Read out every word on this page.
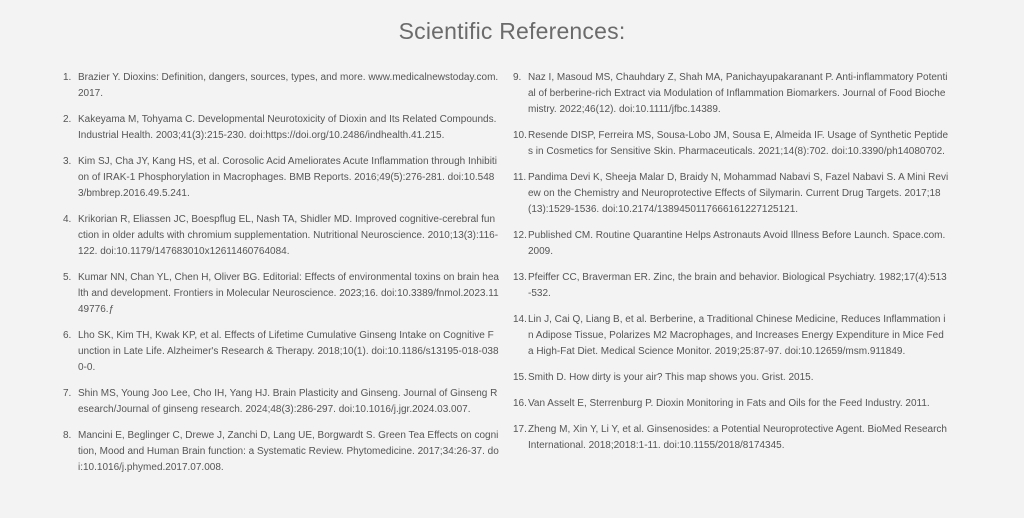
Scientific References:
1. Brazier Y. Dioxins: Definition, dangers, sources, types, and more. www.medicalnewstoday.com. 2017.
2. Kakeyama M, Tohyama C. Developmental Neurotoxicity of Dioxin and Its Related Compounds. Industrial Health. 2003;41(3):215-230. doi:https://doi.org/10.2486/indhealth.41.215.
3. Kim SJ, Cha JY, Kang HS, et al. Corosolic Acid Ameliorates Acute Inflammation through Inhibition of IRAK-1 Phosphorylation in Macrophages. BMB Reports. 2016;49(5):276-281. doi:10.5483/bmbrep.2016.49.5.241.
4. Krikorian R, Eliassen JC, Boespflug EL, Nash TA, Shidler MD. Improved cognitive-cerebral function in older adults with chromium supplementation. Nutritional Neuroscience. 2010;13(3):116-122. doi:10.1179/147683010x12611460764084.
5. Kumar NN, Chan YL, Chen H, Oliver BG. Editorial: Effects of environmental toxins on brain health and development. Frontiers in Molecular Neuroscience. 2023;16. doi:10.3389/fnmol.2023.1149776.ƒ
6. Lho SK, Kim TH, Kwak KP, et al. Effects of Lifetime Cumulative Ginseng Intake on Cognitive Function in Late Life. Alzheimer's Research & Therapy. 2018;10(1). doi:10.1186/s13195-018-0380-0.
7. Shin MS, Young Joo Lee, Cho IH, Yang HJ. Brain Plasticity and Ginseng. Journal of Ginseng Research/Journal of ginseng research. 2024;48(3):286-297. doi:10.1016/j.jgr.2024.03.007.
8. Mancini E, Beglinger C, Drewe J, Zanchi D, Lang UE, Borgwardt S. Green Tea Effects on cognition, Mood and Human Brain function: a Systematic Review. Phytomedicine. 2017;34:26-37. doi:10.1016/j.phymed.2017.07.008.
9. Naz I, Masoud MS, Chauhdary Z, Shah MA, Panichayupakaranant P. Anti-inflammatory Potential of berberine-rich Extract via Modulation of Inflammation Biomarkers. Journal of Food Biochemistry. 2022;46(12). doi:10.1111/jfbc.14389.
10. Resende DISP, Ferreira MS, Sousa-Lobo JM, Sousa E, Almeida IF. Usage of Synthetic Peptides in Cosmetics for Sensitive Skin. Pharmaceuticals. 2021;14(8):702. doi:10.3390/ph14080702.
11. Pandima Devi K, Sheeja Malar D, Braidy N, Mohammad Nabavi S, Fazel Nabavi S. A Mini Review on the Chemistry and Neuroprotective Effects of Silymarin. Current Drug Targets. 2017;18(13):1529-1536. doi:10.2174/1389450117666161227125121.
12. Published CM. Routine Quarantine Helps Astronauts Avoid Illness Before Launch. Space.com. 2009.
13. Pfeiffer CC, Braverman ER. Zinc, the brain and behavior. Biological Psychiatry. 1982;17(4):513-532.
14. Lin J, Cai Q, Liang B, et al. Berberine, a Traditional Chinese Medicine, Reduces Inflammation in Adipose Tissue, Polarizes M2 Macrophages, and Increases Energy Expenditure in Mice Fed a High-Fat Diet. Medical Science Monitor. 2019;25:87-97. doi:10.12659/msm.911849.
15. Smith D. How dirty is your air? This map shows you. Grist. 2015.
16. Van Asselt E, Sterrenburg P. Dioxin Monitoring in Fats and Oils for the Feed Industry. 2011.
17. Zheng M, Xin Y, Li Y, et al. Ginsenosides: a Potential Neuroprotective Agent. BioMed Research International. 2018;2018:1-11. doi:10.1155/2018/8174345.
